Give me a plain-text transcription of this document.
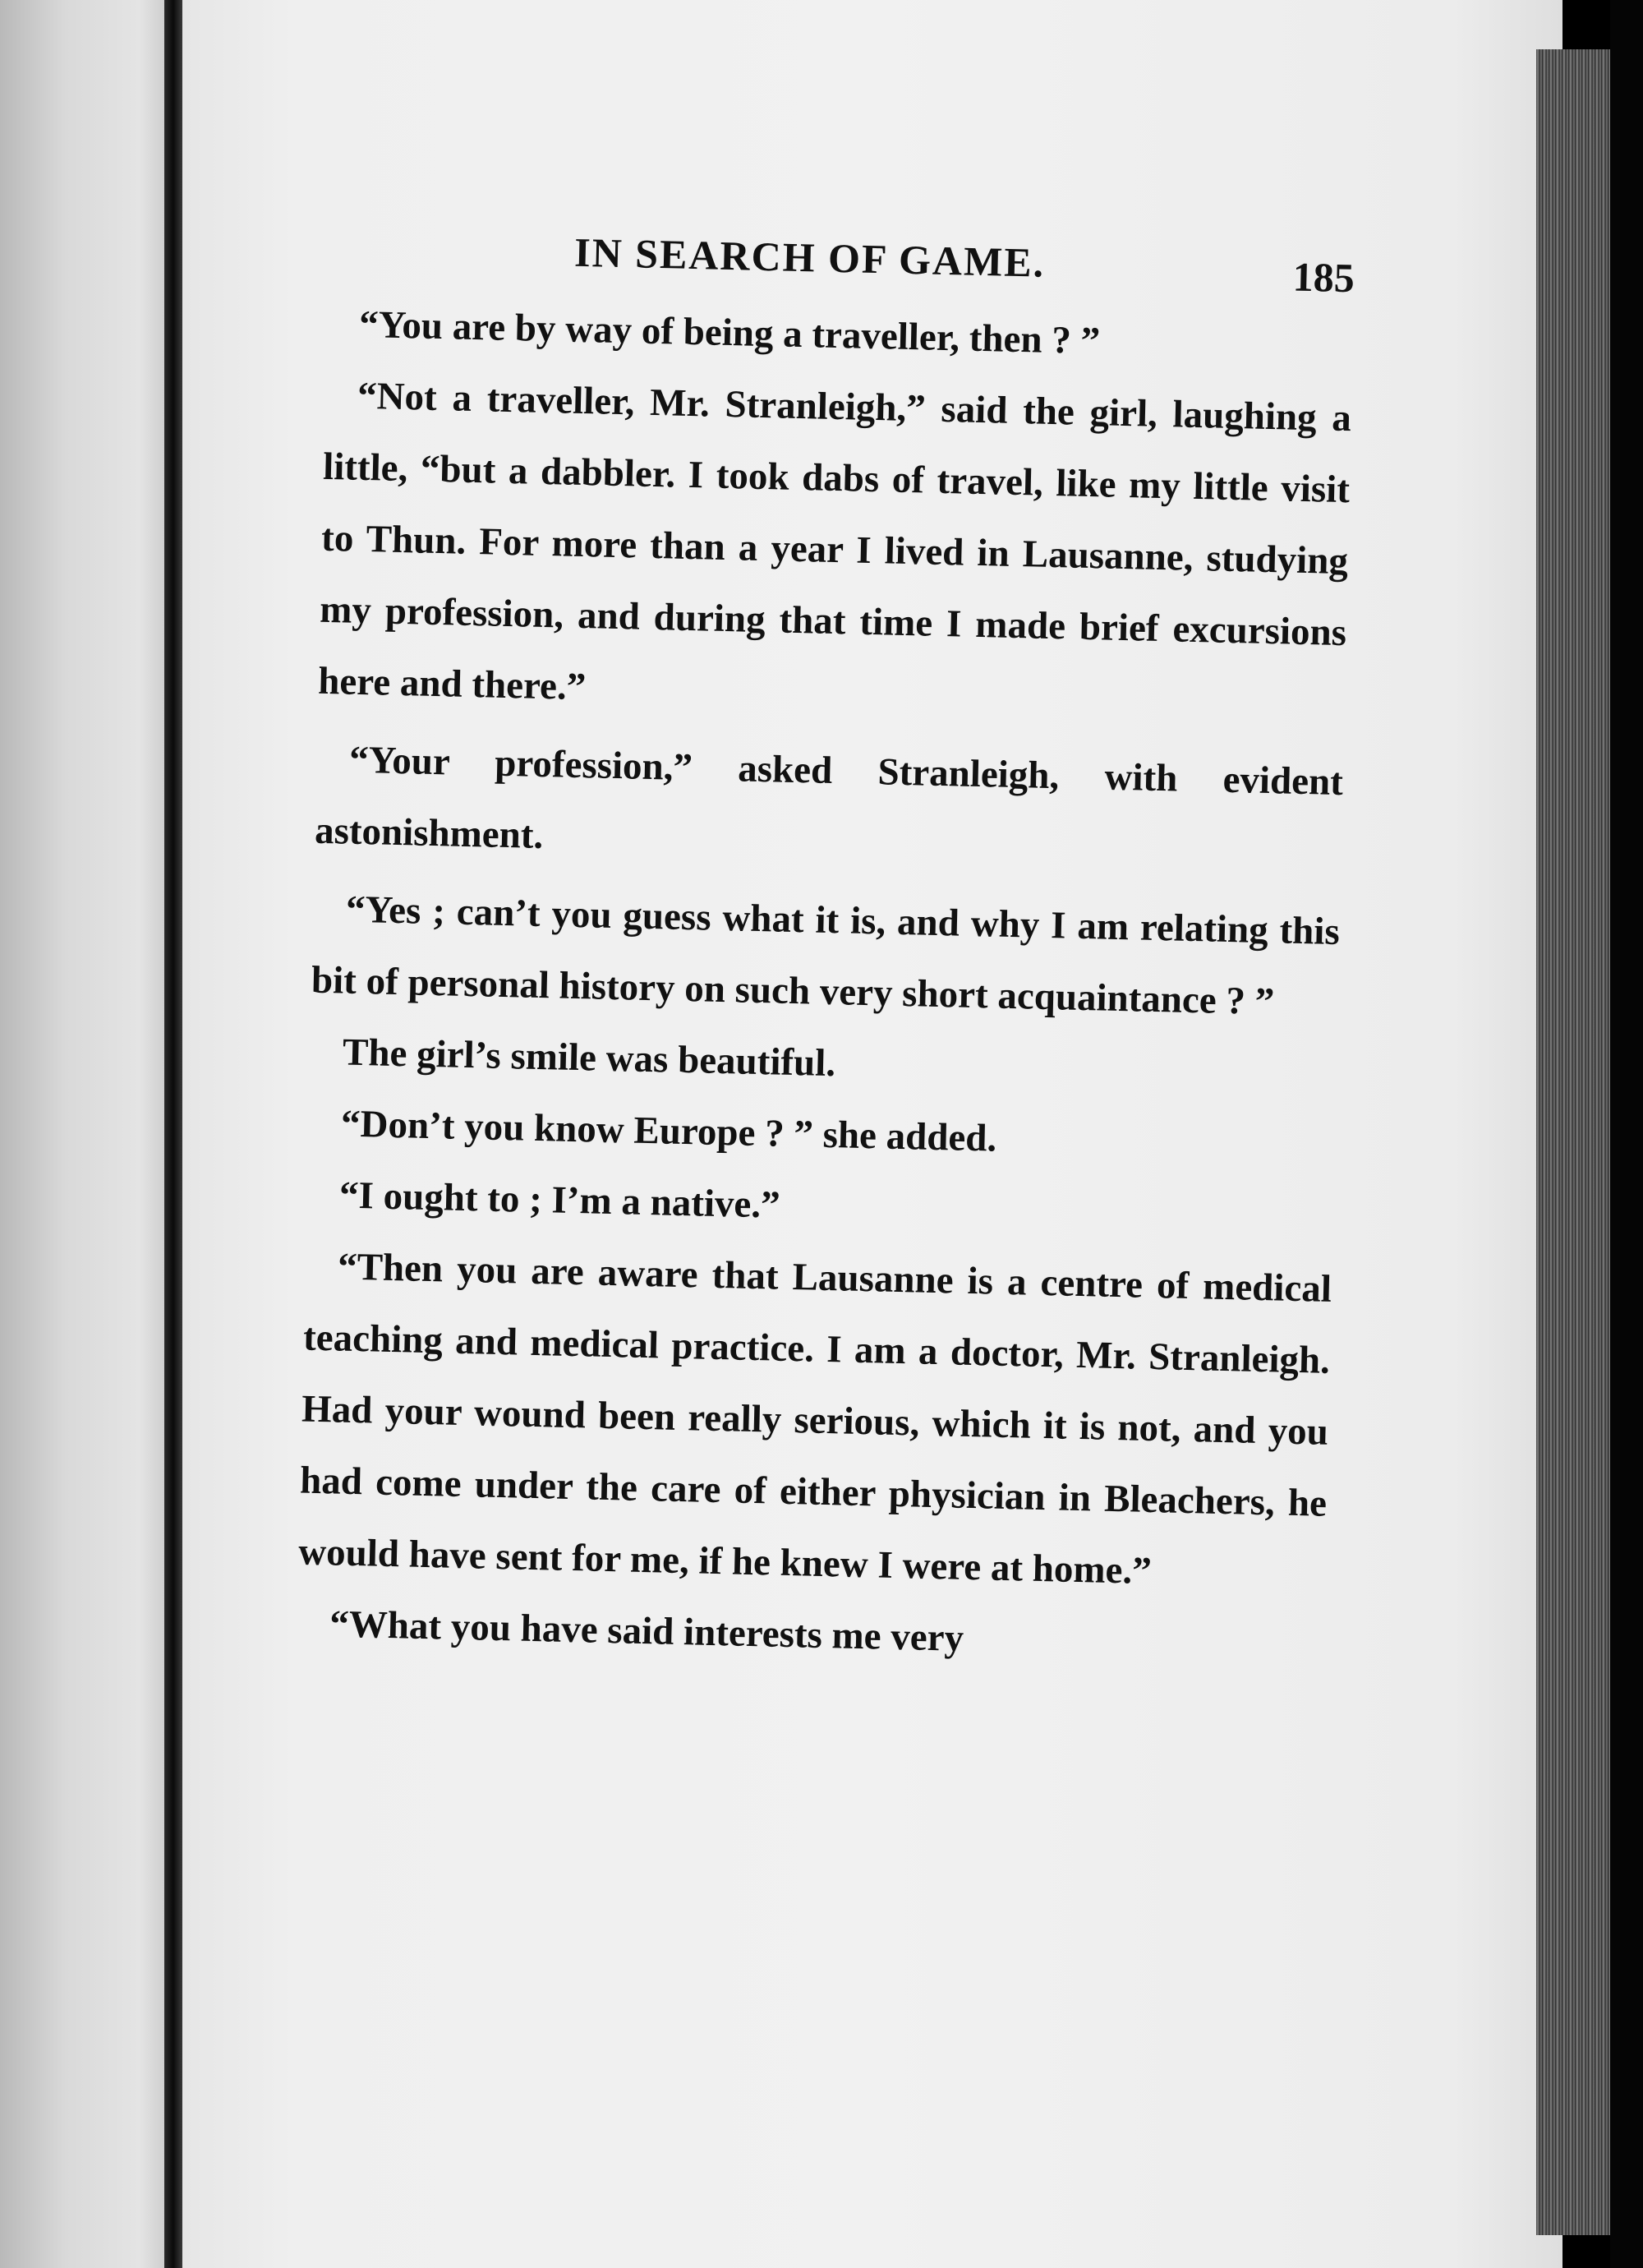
IN SEARCH OF GAME.	185

“You are by way of being a traveller, then ? ”

“Not a traveller, Mr. Stranleigh,” said the girl, laughing a little, “but a dabbler. I took dabs of travel, like my little visit to Thun. For more than a year I lived in Lausanne, studying my profession, and during that time I made brief excursions here and there.”

“Your profession,” asked Stranleigh, with evident astonishment.

“Yes ; can’t you guess what it is, and why I am relating this bit of personal history on such very short acquaintance ? ”

The girl’s smile was beautiful.

“Don’t you know Europe ? ” she added.

“I ought to ; I’m a native.”

“Then you are aware that Lausanne is a centre of medical teaching and medical practice. I am a doctor, Mr. Stranleigh. Had your wound been really serious, which it is not, and you had come under the care of either physician in Bleachers, he would have sent for me, if he knew I were at home.”

“What you have said interests me very
